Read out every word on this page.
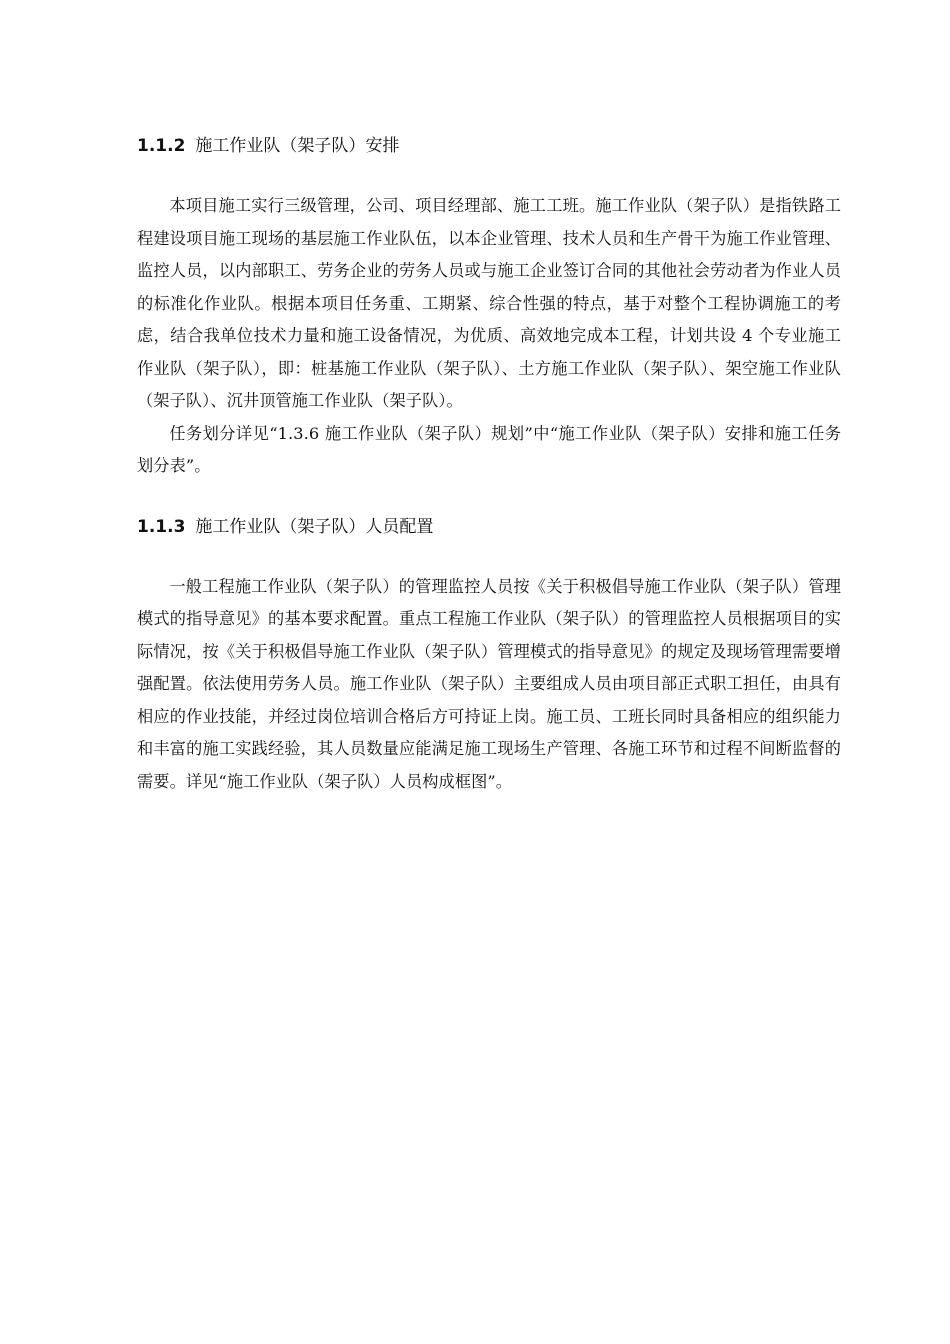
1.1.2 施工作业队（架子队）安排

本项目施工实行三级管理，公司、项目经理部、施工工班。施工作业队（架子队）是指铁路工程建设项目施工现场的基层施工作业队伍，以本企业管理、技术人员和生产骨干为施工作业管理、监控人员，以内部职工、劳务企业的劳务人员或与施工企业签订合同的其他社会劳动者为作业人员的标准化作业队。根据本项目任务重、工期紧、综合性强的特点，基于对整个工程协调施工的考虑，结合我单位技术力量和施工设备情况，为优质、高效地完成本工程，计划共设 4 个专业施工作业队（架子队），即：桩基施工作业队（架子队）、土方施工作业队（架子队）、架空施工作业队（架子队）、沉井顶管施工作业队（架子队）。

任务划分详见“1.3.6 施工作业队（架子队）规划”中“施工作业队（架子队）安排和施工任务划分表”。

1.1.3 施工作业队（架子队）人员配置

一般工程施工作业队（架子队）的管理监控人员按《关于积极倡导施工作业队（架子队）管理模式的指导意见》的基本要求配置。重点工程施工作业队（架子队）的管理监控人员根据项目的实际情况，按《关于积极倡导施工作业队（架子队）管理模式的指导意见》的规定及现场管理需要增强配置。依法使用劳务人员。施工作业队（架子队）主要组成人员由项目部正式职工担任，由具有相应的作业技能，并经过岗位培训合格后方可持证上岗。施工员、工班长同时具备相应的组织能力和丰富的施工实践经验，其人员数量应能满足施工现场生产管理、各施工环节和过程不间断监督的需要。详见“施工作业队（架子队）人员构成框图”。
